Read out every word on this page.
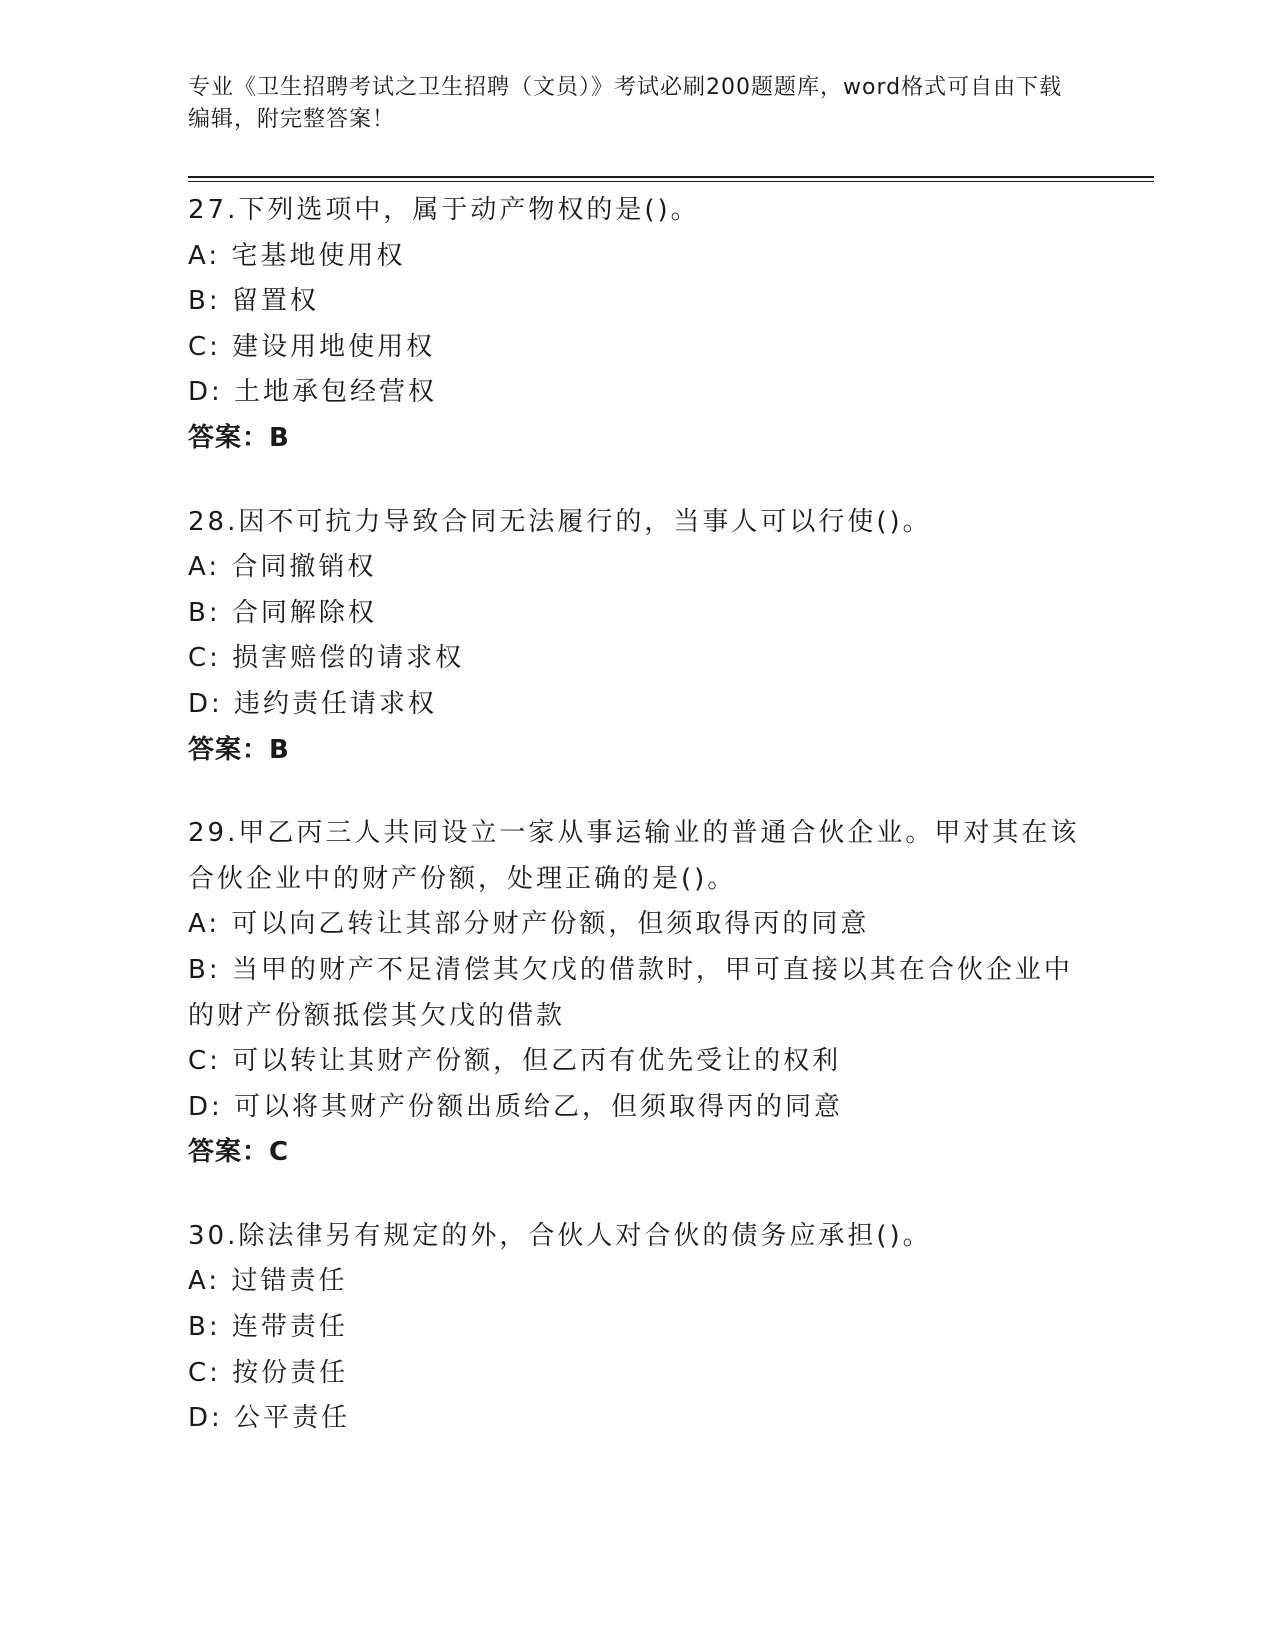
专业《卫生招聘考试之卫生招聘（文员）》考试必刷200题题库，word格式可自由下载编辑，附完整答案！

27.下列选项中，属于动产物权的是()。

A: 宅基地使用权

B: 留置权

C: 建设用地使用权

D: 土地承包经营权

答案：B

28.因不可抗力导致合同无法履行的，当事人可以行使()。

A: 合同撤销权

B: 合同解除权

C: 损害赔偿的请求权

D: 违约责任请求权

答案：B

29.甲乙丙三人共同设立一家从事运输业的普通合伙企业。甲对其在该合伙企业中的财产份额，处理正确的是()。

A: 可以向乙转让其部分财产份额，但须取得丙的同意

B: 当甲的财产不足清偿其欠戊的借款时，甲可直接以其在合伙企业中的财产份额抵偿其欠戊的借款

C: 可以转让其财产份额，但乙丙有优先受让的权利

D: 可以将其财产份额出质给乙，但须取得丙的同意

答案：C

30.除法律另有规定的外，合伙人对合伙的债务应承担()。

A: 过错责任

B: 连带责任

C: 按份责任

D: 公平责任
